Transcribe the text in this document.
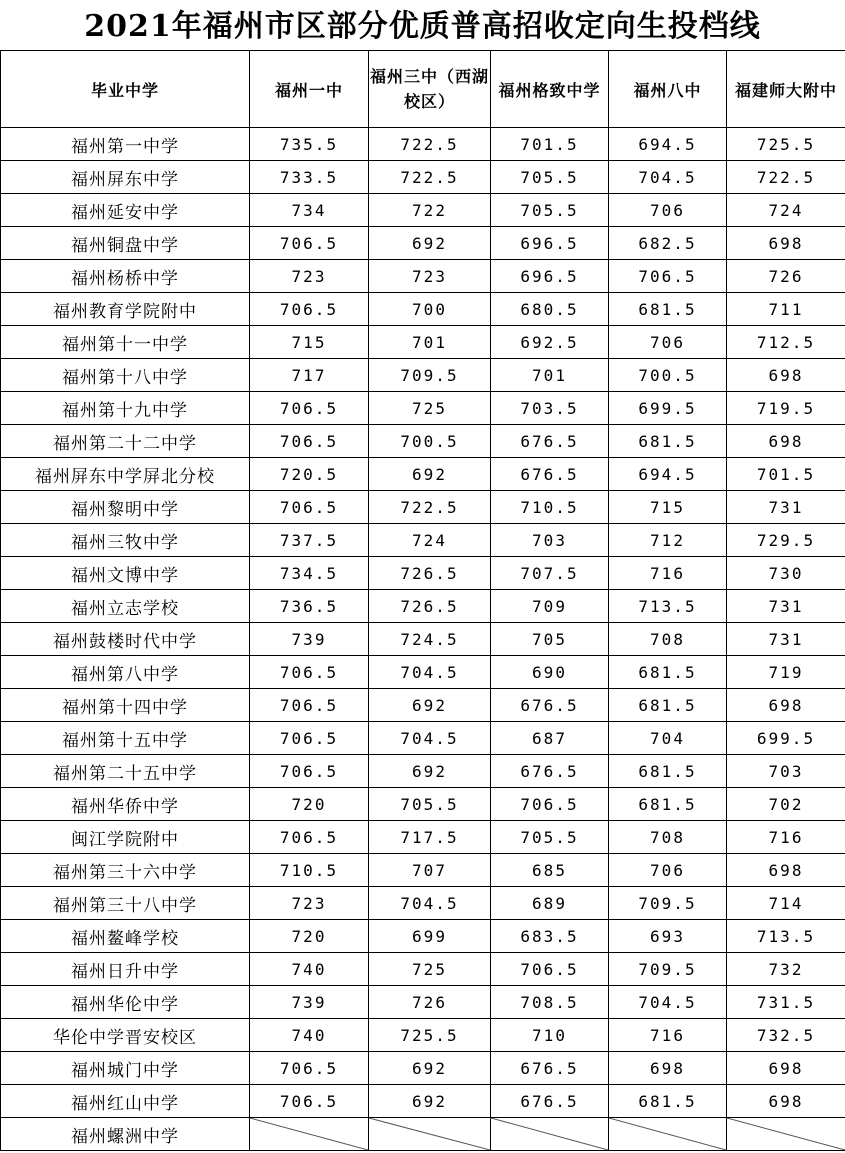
2021年福州市区部分优质普高招收定向生投档线
毕业中学	福州一中	福州三中（西湖校区）	福州格致中学	福州八中	福建师大附中
福州第一中学	735.5	722.5	701.5	694.5	725.5
福州屏东中学	733.5	722.5	705.5	704.5	722.5
福州延安中学	734	722	705.5	706	724
福州铜盘中学	706.5	692	696.5	682.5	698
福州杨桥中学	723	723	696.5	706.5	726
福州教育学院附中	706.5	700	680.5	681.5	711
福州第十一中学	715	701	692.5	706	712.5
福州第十八中学	717	709.5	701	700.5	698
福州第十九中学	706.5	725	703.5	699.5	719.5
福州第二十二中学	706.5	700.5	676.5	681.5	698
福州屏东中学屏北分校	720.5	692	676.5	694.5	701.5
福州黎明中学	706.5	722.5	710.5	715	731
福州三牧中学	737.5	724	703	712	729.5
福州文博中学	734.5	726.5	707.5	716	730
福州立志学校	736.5	726.5	709	713.5	731
福州鼓楼时代中学	739	724.5	705	708	731
福州第八中学	706.5	704.5	690	681.5	719
福州第十四中学	706.5	692	676.5	681.5	698
福州第十五中学	706.5	704.5	687	704	699.5
福州第二十五中学	706.5	692	676.5	681.5	703
福州华侨中学	720	705.5	706.5	681.5	702
闽江学院附中	706.5	717.5	705.5	708	716
福州第三十六中学	710.5	707	685	706	698
福州第三十八中学	723	704.5	689	709.5	714
福州鳌峰学校	720	699	683.5	693	713.5
福州日升中学	740	725	706.5	709.5	732
福州华伦中学	739	726	708.5	704.5	731.5
华伦中学晋安校区	740	725.5	710	716	732.5
福州城门中学	706.5	692	676.5	698	698
福州红山中学	706.5	692	676.5	681.5	698
福州螺洲中学	
